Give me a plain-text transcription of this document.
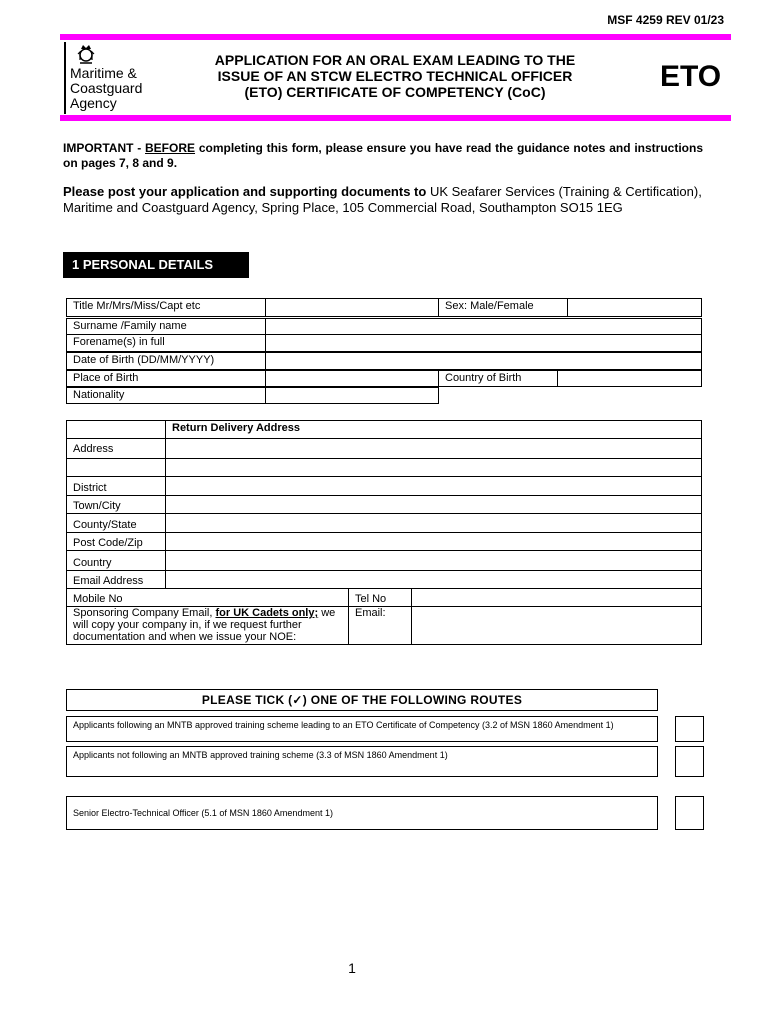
MSF 4259 REV 01/23
Maritime &
Coastguard
Agency
APPLICATION FOR AN ORAL EXAM LEADING TO THE
ISSUE OF AN STCW ELECTRO TECHNICAL OFFICER
(ETO) CERTIFICATE OF COMPETENCY (CoC)	ETO
IMPORTANT - BEFORE completing this form, please ensure you have read the guidance notes and instructions on pages 7, 8 and 9.
Please post your application and supporting documents to UK Seafarer Services (Training & Certification), Maritime and Coastguard Agency, Spring Place, 105 Commercial Road, Southampton SO15 1EG
1 PERSONAL DETAILS
Title Mr/Mrs/Miss/Capt etc	Sex: Male/Female
Surname /Family name
Forename(s) in full
Date of Birth (DD/MM/YYYY)
Place of Birth	Country of Birth
Nationality
Return Delivery Address
Address
District
Town/City
County/State
Post Code/Zip
Country
Email Address
Mobile No	Tel No
Sponsoring Company Email, for UK Cadets only; we will copy your company in, if we request further documentation and when we issue your NOE:
Email:
PLEASE TICK (✓) ONE OF THE FOLLOWING ROUTES
Applicants following an MNTB approved training scheme leading to an ETO Certificate of Competency (3.2 of MSN 1860 Amendment 1)
Applicants not following an MNTB approved training scheme (3.3 of MSN 1860 Amendment 1)
Senior Electro-Technical Officer (5.1 of MSN 1860 Amendment 1)
1
